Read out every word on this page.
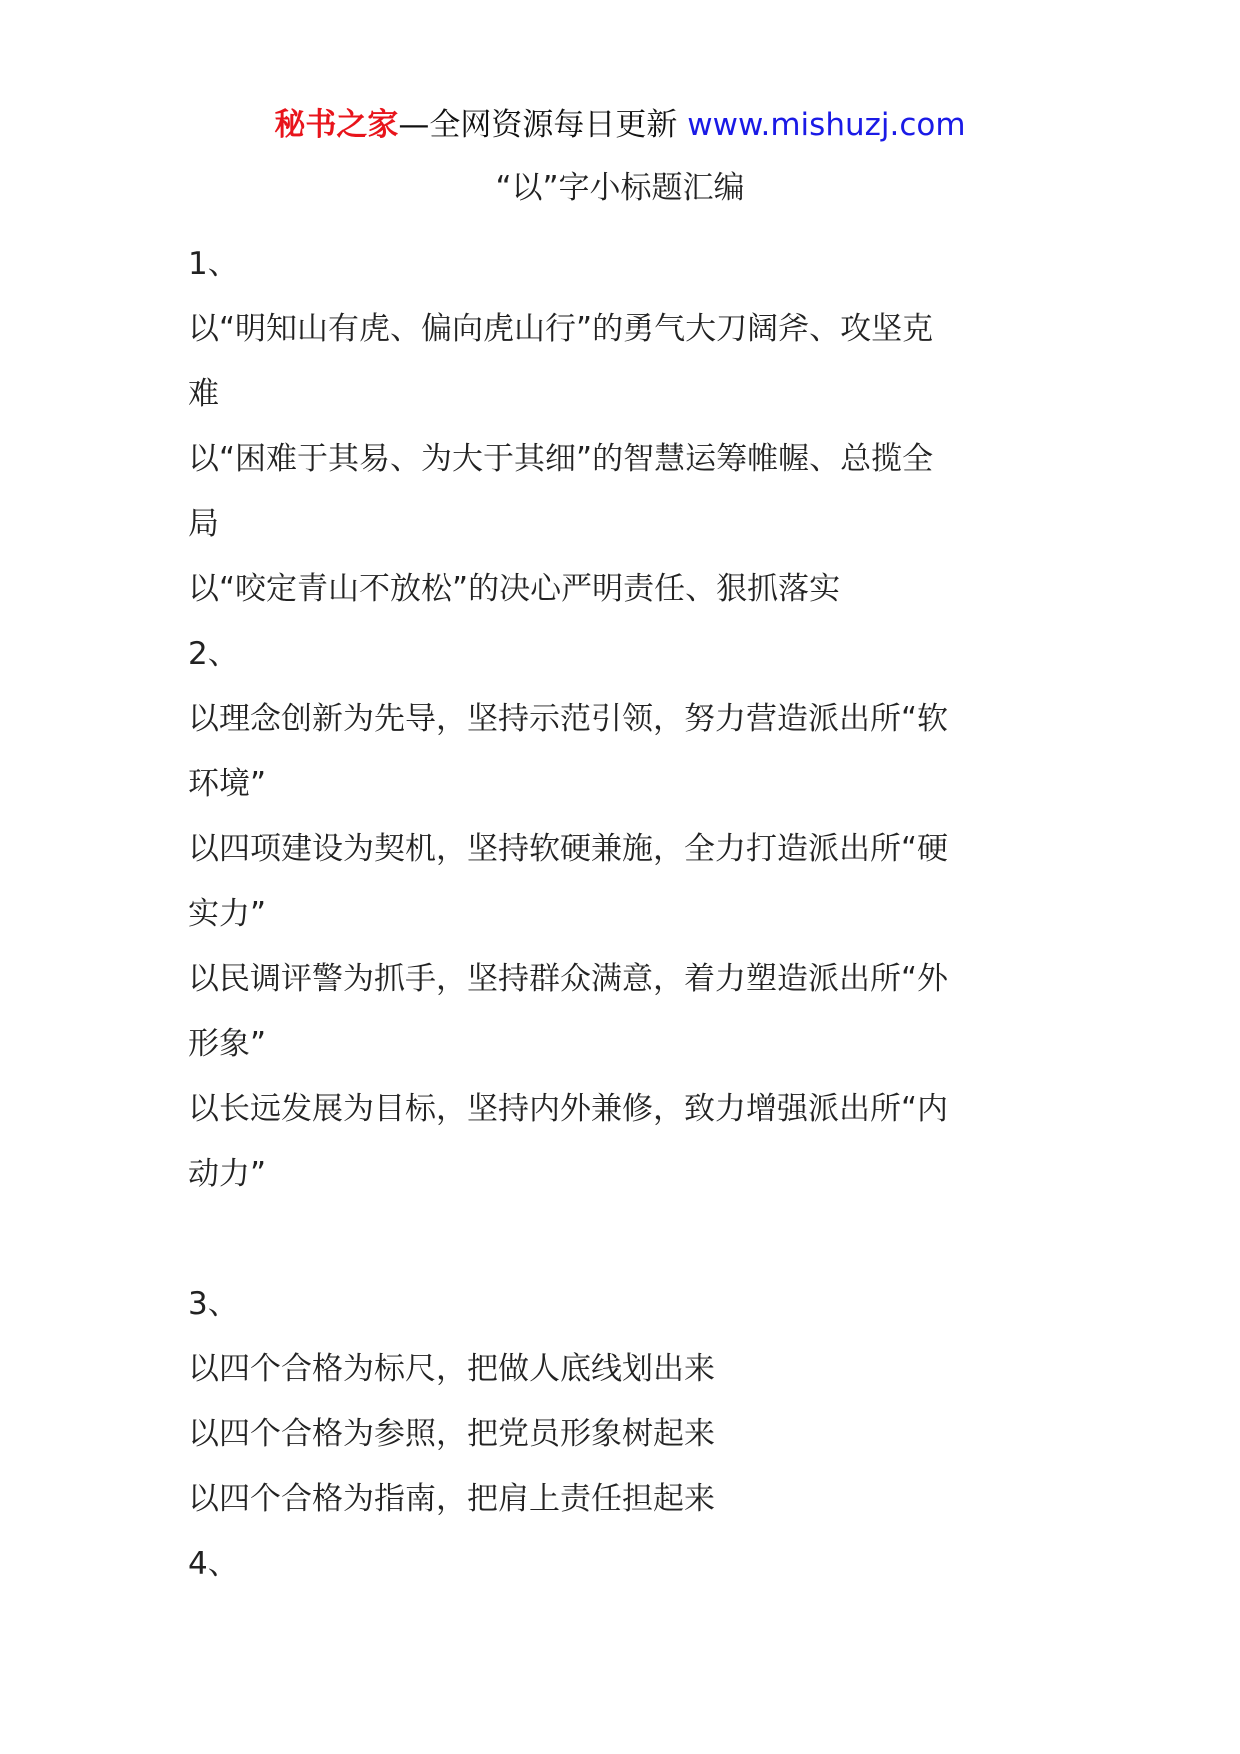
秘书之家—全网资源每日更新 www.mishuzj.com
“以”字小标题汇编
1、
以“明知山有虎、偏向虎山行”的勇气大刀阔斧、攻坚克
难
以“困难于其易、为大于其细”的智慧运筹帷幄、总揽全
局
以“咬定青山不放松”的决心严明责任、狠抓落实
2、
以理念创新为先导，坚持示范引领，努力营造派出所“软
环境”
以四项建设为契机，坚持软硬兼施，全力打造派出所“硬
实力”
以民调评警为抓手，坚持群众满意，着力塑造派出所“外
形象”
以长远发展为目标，坚持内外兼修，致力增强派出所“内
动力”
3、
以四个合格为标尺，把做人底线划出来
以四个合格为参照，把党员形象树起来
以四个合格为指南，把肩上责任担起来
4、
